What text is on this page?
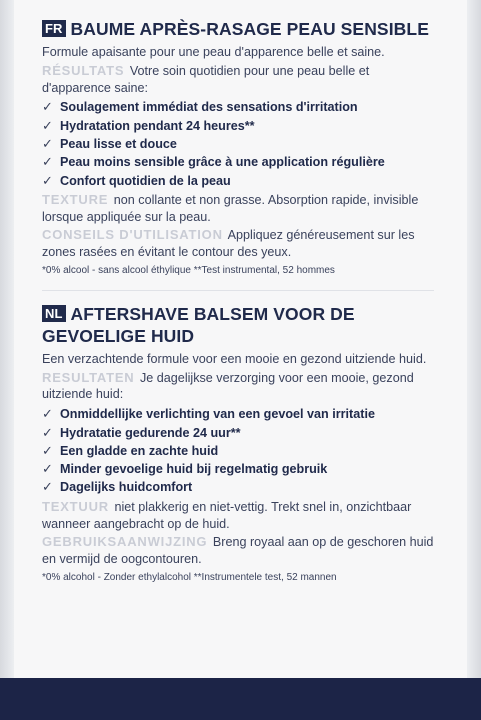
FR BAUME APRÈS-RASAGE PEAU SENSIBLE
Formule apaisante pour une peau d'apparence belle et saine.
RÉSULTATS Votre soin quotidien pour une peau belle et d'apparence saine:
✓ Soulagement immédiat des sensations d'irritation
✓ Hydratation pendant 24 heures**
✓ Peau lisse et douce
✓ Peau moins sensible grâce à une application régulière
✓ Confort quotidien de la peau
TEXTURE non collante et non grasse. Absorption rapide, invisible lorsque appliquée sur la peau.
CONSEILS D'UTILISATION Appliquez généreusement sur les zones rasées en évitant le contour des yeux.
*0% alcool - sans alcool éthylique **Test instrumental, 52 hommes
NL AFTERSHAVE BALSEM VOOR DE GEVOELIGE HUID
Een verzachtende formule voor een mooie en gezond uitziende huid.
RESULTATEN Je dagelijkse verzorging voor een mooie, gezond uitziende huid:
✓ Onmiddellijke verlichting van een gevoel van irritatie
✓ Hydratatie gedurende 24 uur**
✓ Een gladde en zachte huid
✓ Minder gevoelige huid bij regelmatig gebruik
✓ Dagelijks huidcomfort
TEXTUUR niet plakkerig en niet-vettig. Trekt snel in, onzichtbaar wanneer aangebracht op de huid.
GEBRUIKSAANWIJZING Breng royaal aan op de geschoren huid en vermijd de oogcontouren.
*0% alcohol - Zonder ethylalcohol **Instrumentele test, 52 mannen
